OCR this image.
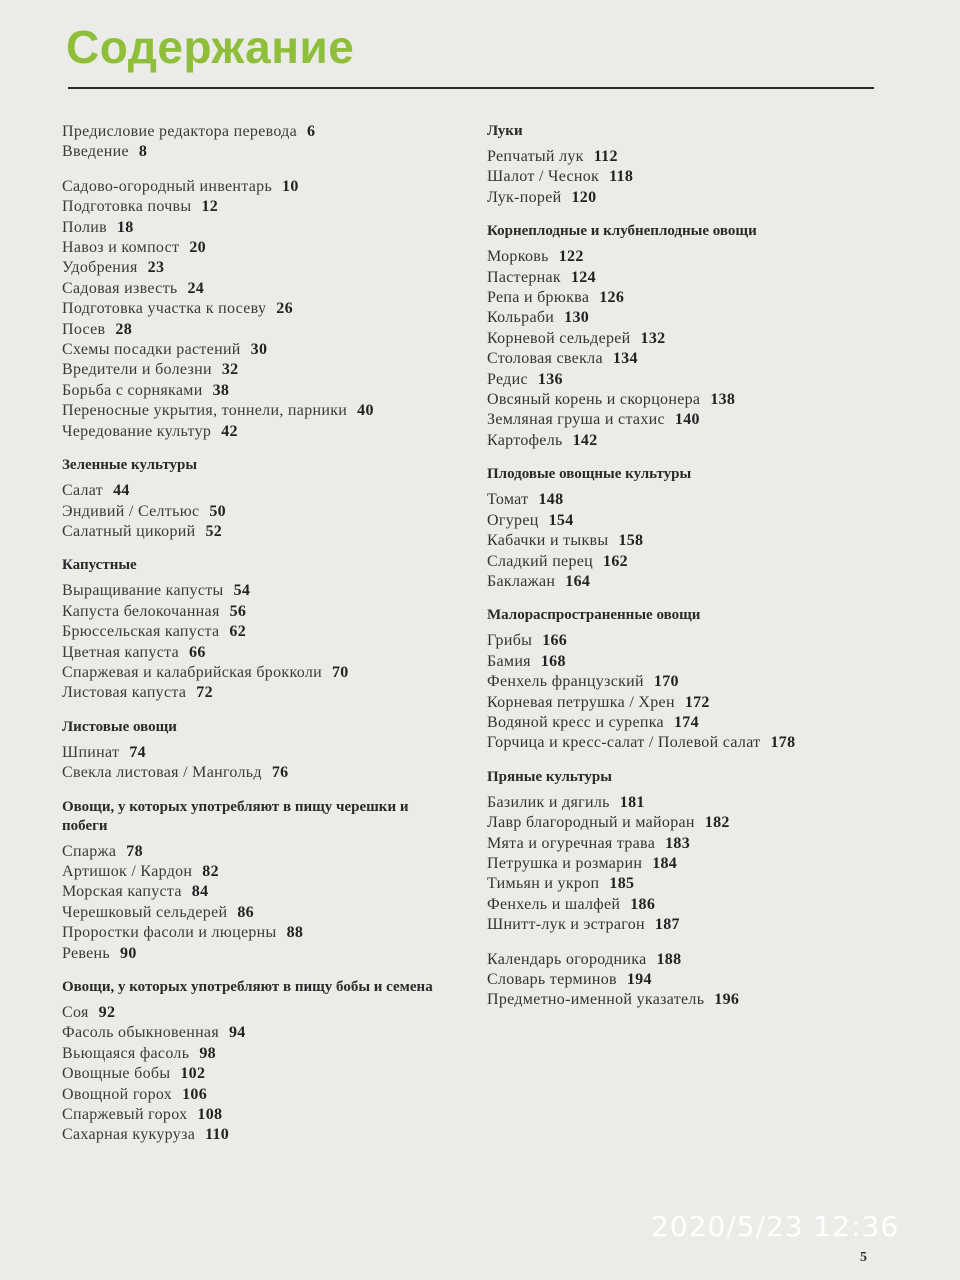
Содержание
Предисловие редактора перевода 6
Введение 8
Садово-огородный инвентарь 10
Подготовка почвы 12
Полив 18
Навоз и компост 20
Удобрения 23
Садовая известь 24
Подготовка участка к посеву 26
Посев 28
Схемы посадки растений 30
Вредители и болезни 32
Борьба с сорняками 38
Переносные укрытия, тоннели, парники 40
Чередование культур 42
Зеленные культуры
Салат 44
Эндивий / Селтьюс 50
Салатный цикорий 52
Капустные
Выращивание капусты 54
Капуста белокочанная 56
Брюссельская капуста 62
Цветная капуста 66
Спаржевая и калабрийская брокколи 70
Листовая капуста 72
Листовые овощи
Шпинат 74
Свекла листовая / Мангольд 76
Овощи, у которых употребляют в пищу черешки и побеги
Спаржа 78
Артишок / Кардон 82
Морская капуста 84
Черешковый сельдерей 86
Проростки фасоли и люцерны 88
Ревень 90
Овощи, у которых употребляют в пищу бобы и семена
Соя 92
Фасоль обыкновенная 94
Вьющаяся фасоль 98
Овощные бобы 102
Овощной горох 106
Спаржевый горох 108
Сахарная кукуруза 110
Луки
Репчатый лук 112
Шалот / Чеснок 118
Лук-порей 120
Корнеплодные и клубнеплодные овощи
Морковь 122
Пастернак 124
Репа и брюква 126
Кольраби 130
Корневой сельдерей 132
Столовая свекла 134
Редис 136
Овсяный корень и скорцонера 138
Земляная груша и стахис 140
Картофель 142
Плодовые овощные культуры
Томат 148
Огурец 154
Кабачки и тыквы 158
Сладкий перец 162
Баклажан 164
Малораспространенные овощи
Грибы 166
Бамия 168
Фенхель французский 170
Корневая петрушка / Хрен 172
Водяной кресс и сурепка 174
Горчица и кресс-салат / Полевой салат 178
Пряные культуры
Базилик и дягиль 181
Лавр благородный и майоран 182
Мята и огуречная трава 183
Петрушка и розмарин 184
Тимьян и укроп 185
Фенхель и шалфей 186
Шнитт-лук и эстрагон 187
Календарь огородника 188
Словарь терминов 194
Предметно-именной указатель 196
2020/5/23 12:36
5
